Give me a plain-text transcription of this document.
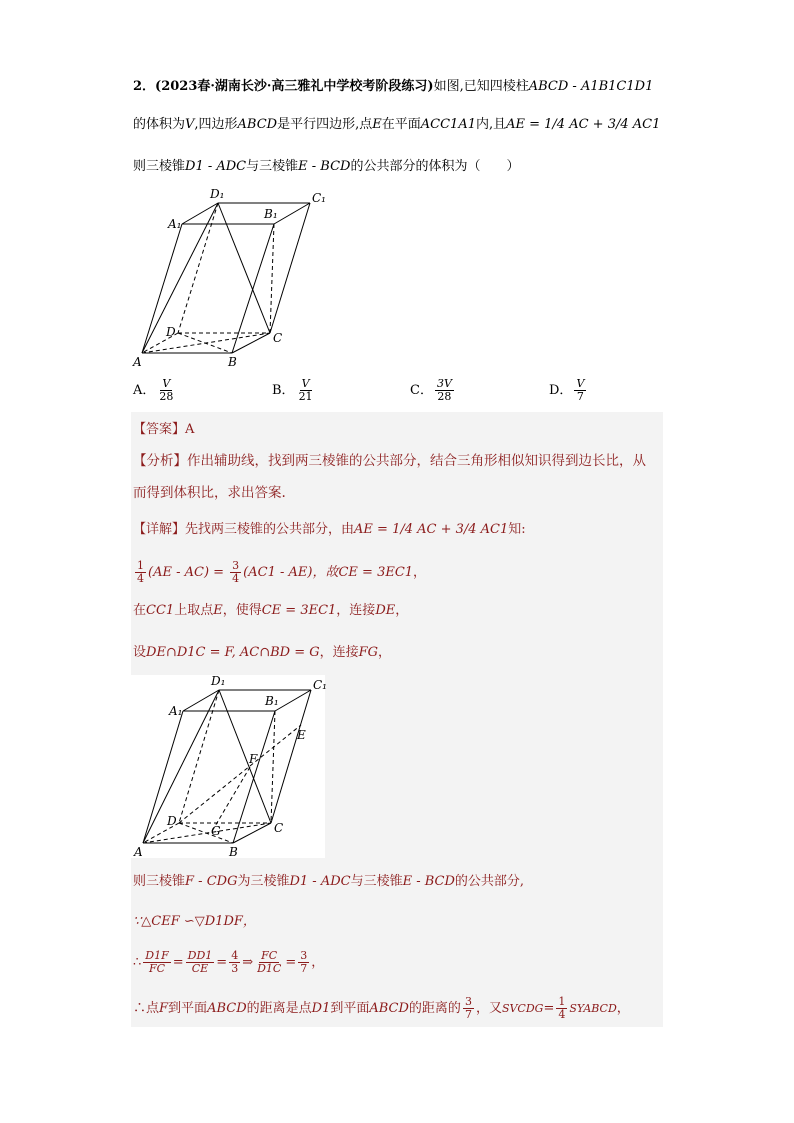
2．(2023春·湖南长沙·高三雅礼中学校考阶段练习)如图,已知四棱柱ABCD - A1B1C1D1
的体积为V,四边形ABCD是平行四边形,点E在平面ACC1A1内,且AE = 1/4 AC + 3/4 AC1
则三棱锥D1 - ADC与三棱锥E - BCD的公共部分的体积为（　　）
D₁	C₁
A₁
B₁
D	C
A	B
A． $\frac{V}{28}$	B． $\frac{V}{21}$	C． $\frac{3V}{28}$	D． $\frac{V}{7}$
【答案】A
【分析】作出辅助线，找到两三棱锥的公共部分，结合三角形相似知识得到边长比，从
而得到体积比，求出答案.
【详解】先找两三棱锥的公共部分，由AE = 1/4 AC + 3/4 AC1知:
$\frac{1}{4} (AE - AC) = \frac{3}{4} (AC1 - AE)$，故CE = 3EC1，
在CC1上取点E，使得CE = 3EC1，连接DE，
设DE∩D1C = F, AC∩BD = G，连接FG，
D₁	C₁
A₁
B₁
E
F
D
G	C
A	B
则三棱锥F - CDG为三棱锥D1 - ADC与三棱锥E - BCD的公共部分,
∵△CEF ∽▽D1DF，
∴ $\frac{D1F}{FC} = \frac{DD1}{CE} = \frac{4}{3}$ ⇒ $\frac{FC}{D1C} = \frac{3}{7}$ ，
∴点F到平面ABCD的距离是点D1到平面ABCD的距离的 $\frac{3}{7}$ ，又SVCDG= $\frac{1}{4}$ SYABCD，
